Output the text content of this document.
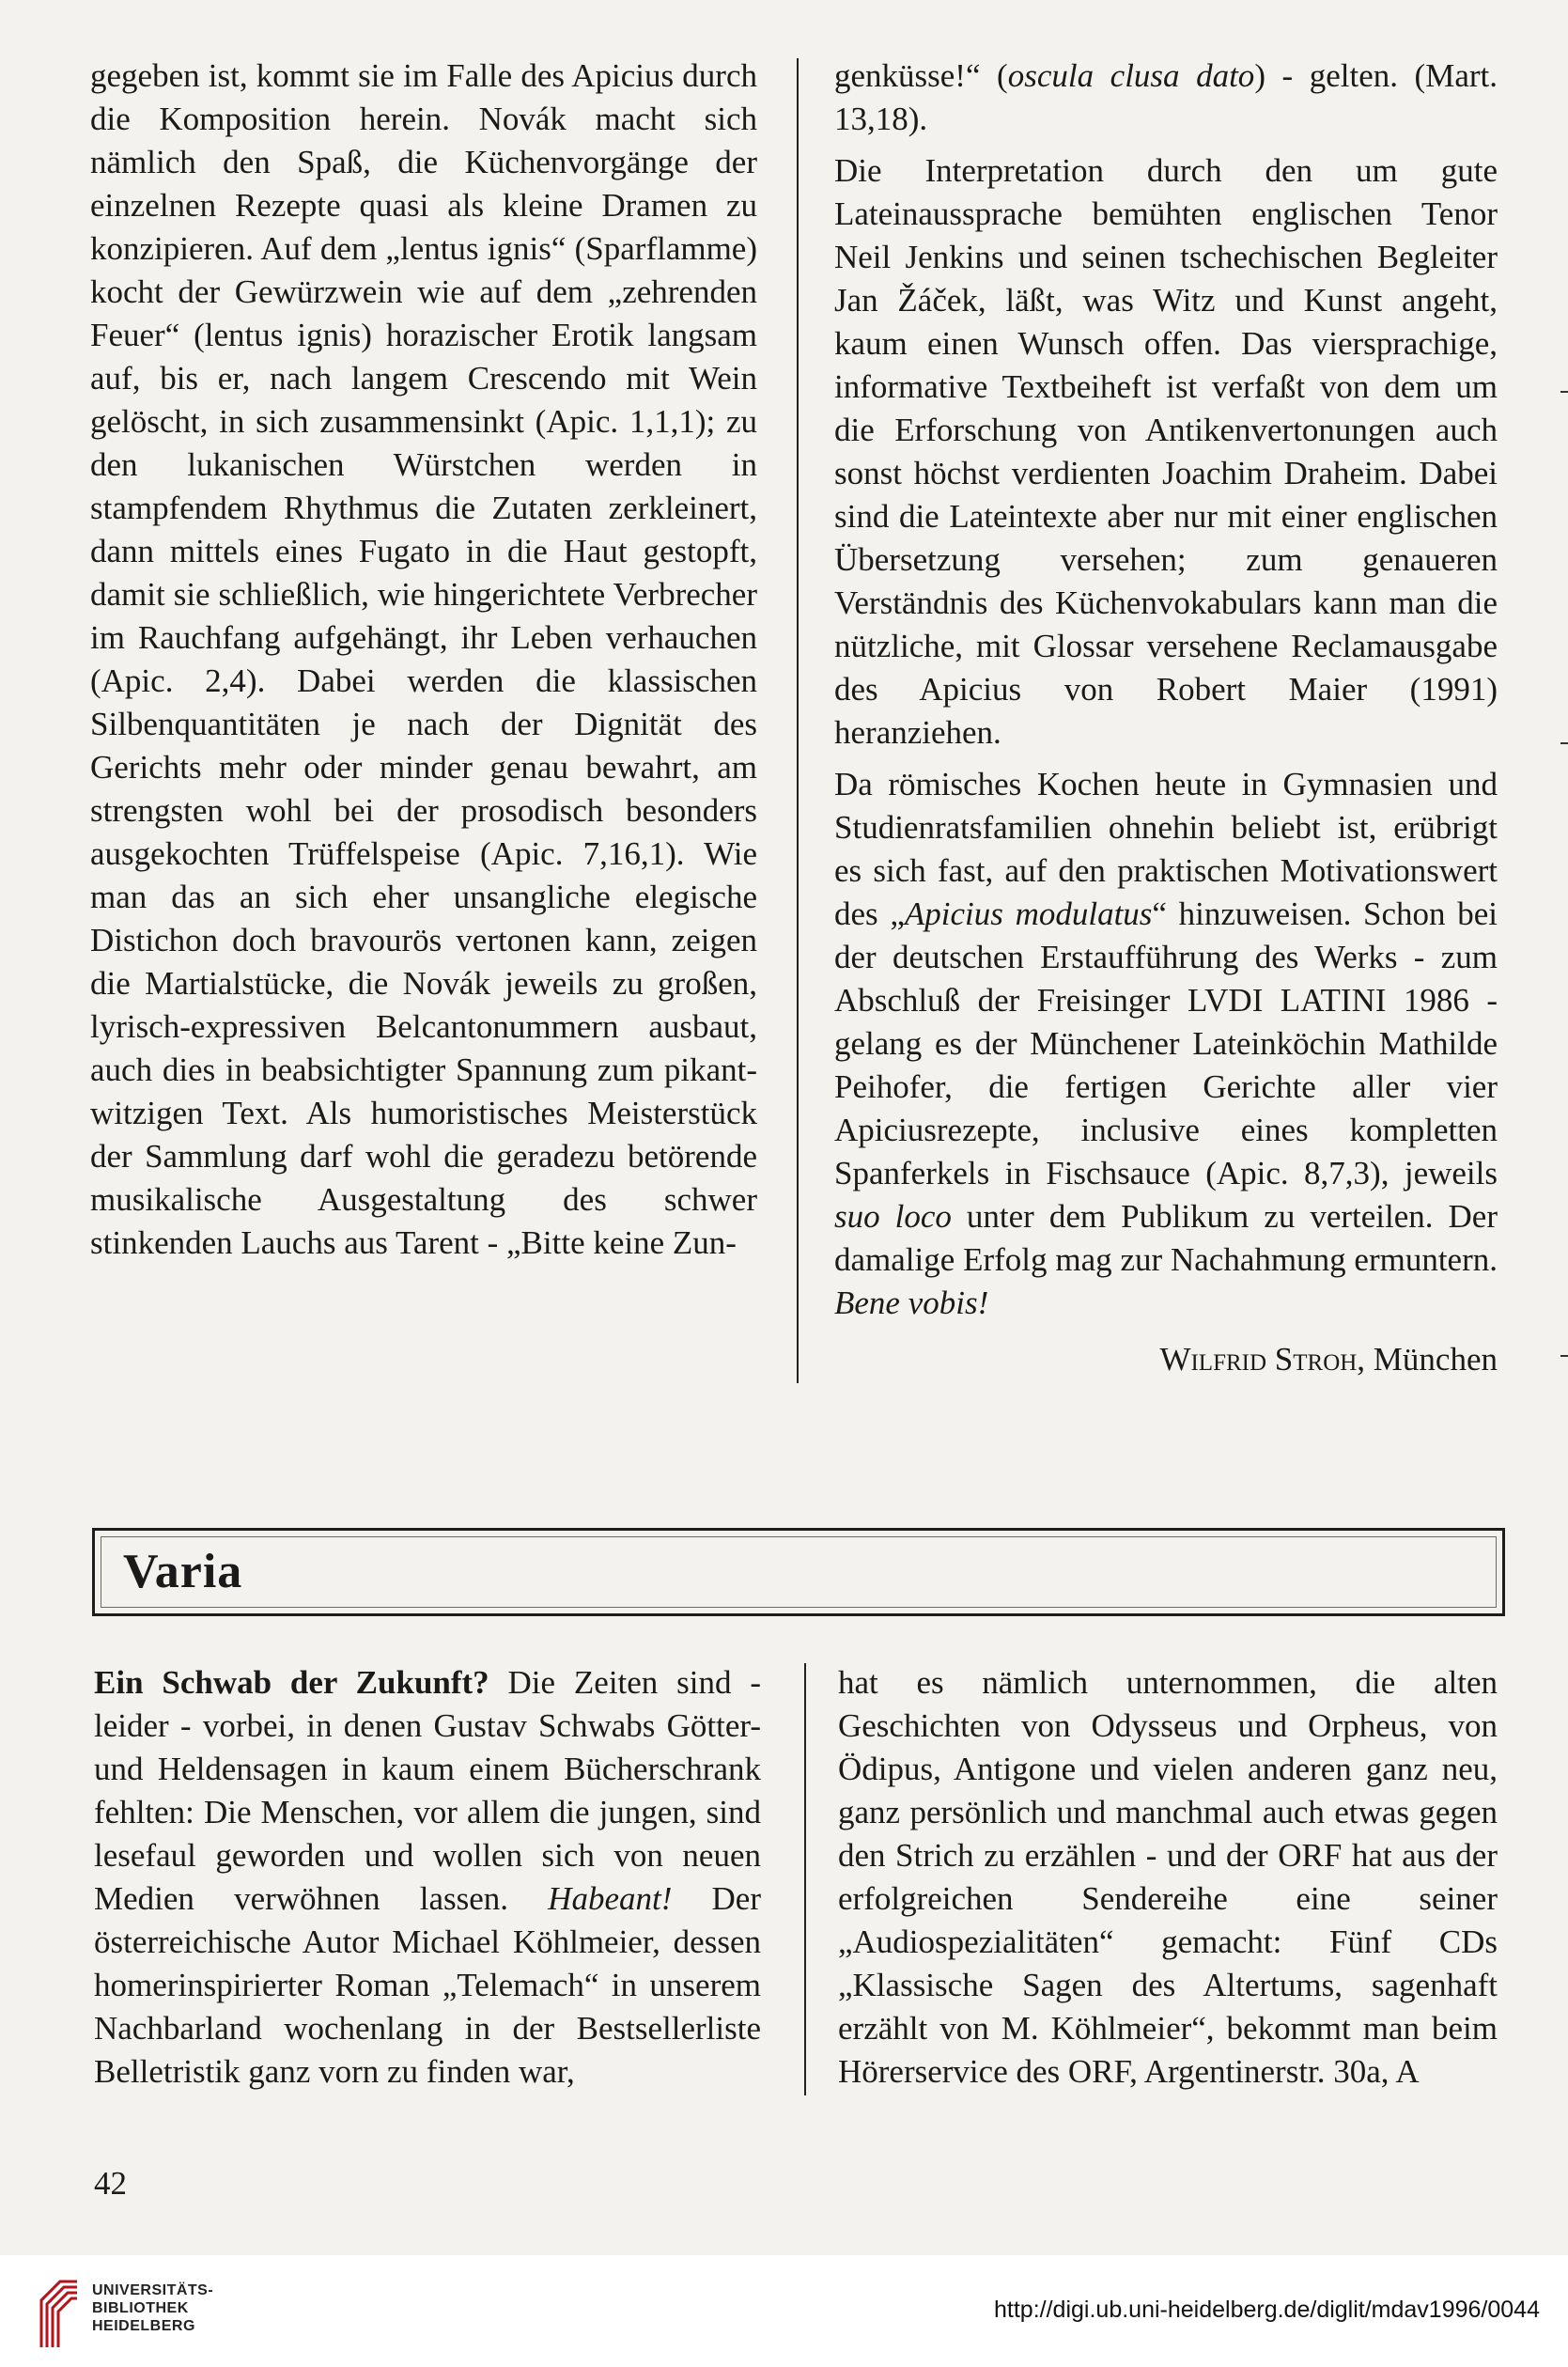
gegeben ist, kommt sie im Falle des Apicius durch die Komposition herein. Novák macht sich nämlich den Spaß, die Küchenvorgänge der einzelnen Rezepte quasi als kleine Dramen zu konzipieren. Auf dem „lentus ignis“ (Sparflamme) kocht der Gewürzwein wie auf dem „zehrenden Feuer“ (lentus ignis) horazischer Erotik langsam auf, bis er, nach langem Crescendo mit Wein gelöscht, in sich zusammensinkt (Apic. 1,1,1); zu den lukanischen Würstchen werden in stampfendem Rhythmus die Zutaten zerkleinert, dann mittels eines Fugato in die Haut gestopft, damit sie schließlich, wie hingerichtete Verbrecher im Rauchfang aufgehängt, ihr Leben verhauchen (Apic. 2,4). Dabei werden die klassischen Silbenquantitäten je nach der Dignität des Gerichts mehr oder minder genau bewahrt, am strengsten wohl bei der prosodisch besonders ausgekochten Trüffelspeise (Apic. 7,16,1). Wie man das an sich eher unsangliche elegische Distichon doch bravourös vertonen kann, zeigen die Martialstücke, die Novák jeweils zu großen, lyrisch-expressiven Belcantonummern ausbaut, auch dies in beabsichtigter Spannung zum pikant-witzigen Text. Als humoristisches Meisterstück der Sammlung darf wohl die geradezu betörende musikalische Ausgestaltung des schwer stinkenden Lauchs aus Tarent - „Bitte keine Zun-

genküsse!“ (oscula clusa dato) - gelten. (Mart. 13,18).

Die Interpretation durch den um gute Lateinaussprache bemühten englischen Tenor Neil Jenkins und seinen tschechischen Begleiter Jan Žáček, läßt, was Witz und Kunst angeht, kaum einen Wunsch offen. Das viersprachige, informative Textbeiheft ist verfaßt von dem um die Erforschung von Antikenvertonungen auch sonst höchst verdienten Joachim Draheim. Dabei sind die Lateintexte aber nur mit einer englischen Übersetzung versehen; zum genaueren Verständnis des Küchenvokabulars kann man die nützliche, mit Glossar versehene Reclamausgabe des Apicius von Robert Maier (1991) heranziehen.

Da römisches Kochen heute in Gymnasien und Studienratsfamilien ohnehin beliebt ist, erübrigt es sich fast, auf den praktischen Motivationswert des „Apicius modulatus“ hinzuweisen. Schon bei der deutschen Erstaufführung des Werks - zum Abschluß der Freisinger LVDI LATINI 1986 - gelang es der Münchener Lateinköchin Mathilde Peihofer, die fertigen Gerichte aller vier Apiciusrezepte, inclusive eines kompletten Spanferkels in Fischsauce (Apic. 8,7,3), jeweils suo loco unter dem Publikum zu verteilen. Der damalige Erfolg mag zur Nachahmung ermuntern. Bene vobis!

Wilfrid Stroh, München

Varia

Ein Schwab der Zukunft? Die Zeiten sind - leider - vorbei, in denen Gustav Schwabs Götter- und Heldensagen in kaum einem Bücherschrank fehlten: Die Menschen, vor allem die jungen, sind lesefaul geworden und wollen sich von neuen Medien verwöhnen lassen. Habeant! Der österreichische Autor Michael Köhlmeier, dessen homerinspirierter Roman „Telemach“ in unserem Nachbarland wochenlang in der Bestsellerliste Belletristik ganz vorn zu finden war,

hat es nämlich unternommen, die alten Geschichten von Odysseus und Orpheus, von Ödipus, Antigone und vielen anderen ganz neu, ganz persönlich und manchmal auch etwas gegen den Strich zu erzählen - und der ORF hat aus der erfolgreichen Sendereihe eine seiner „Audiospezialitäten“ gemacht: Fünf CDs „Klassische Sagen des Altertums, sagenhaft erzählt von M. Köhlmeier“, bekommt man beim Hörerservice des ORF, Argentinerstr. 30a, A

42
UNIVERSITÄTS-
BIBLIOTHEK
HEIDELBERG
http://digi.ub.uni-heidelberg.de/diglit/mdav1996/0044
